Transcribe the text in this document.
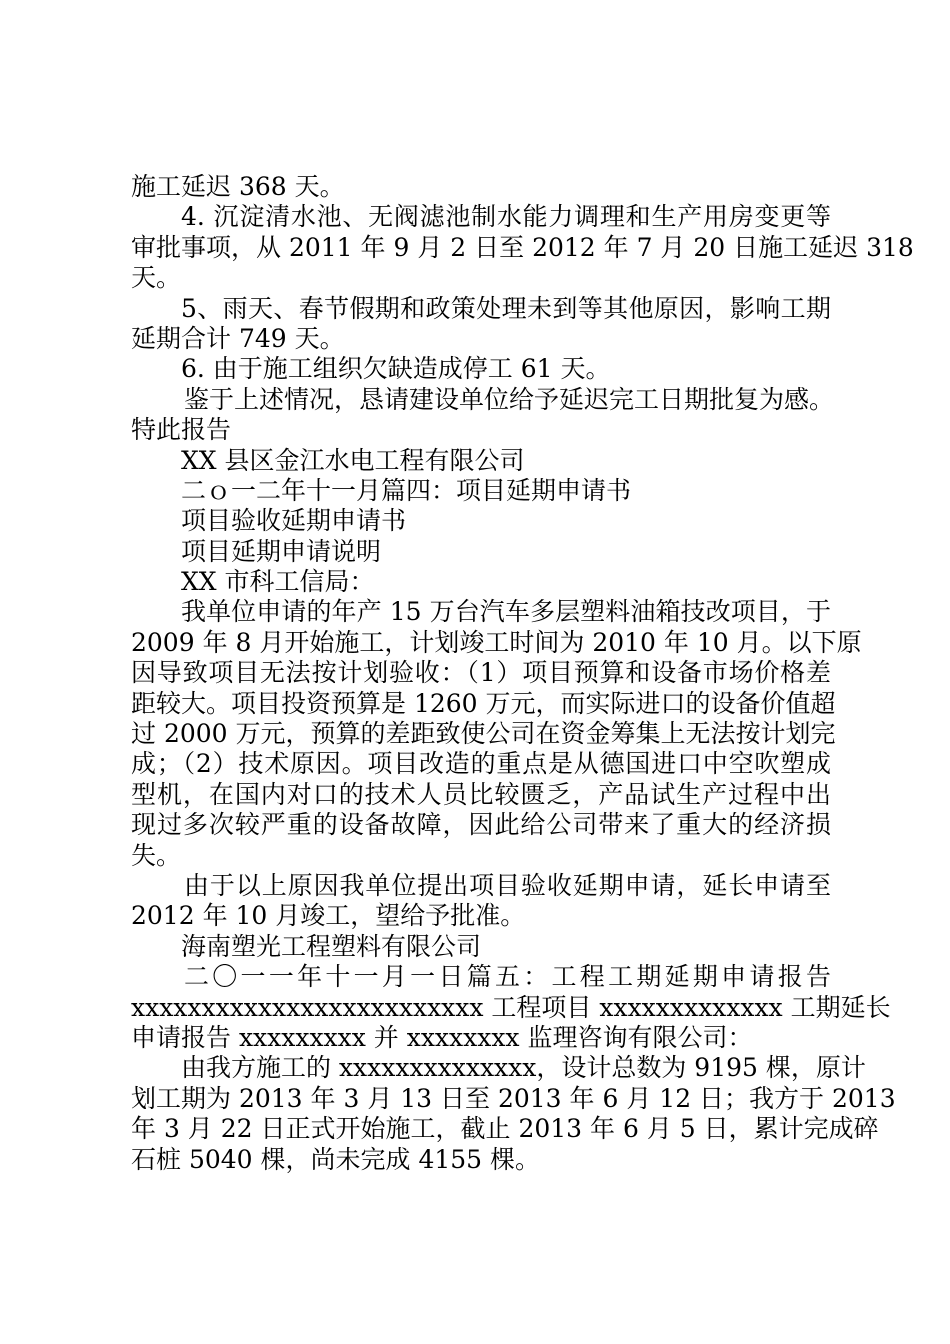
施工延迟 368 天。
4. 沉淀清水池、无阀滤池制水能力调理和生产用房变更等
审批事项，从 2011 年 9 月 2 日至 2012 年 7 月 20 日施工延迟 318
天。
5、雨天、春节假期和政策处理未到等其他原因，影响工期
延期合计 749 天。
6. 由于施工组织欠缺造成停工 61 天。
鉴于上述情况，恳请建设单位给予延迟完工日期批复为感。
特此报告
XX 县区金江水电工程有限公司
二ｏ一二年十一月篇四：项目延期申请书
项目验收延期申请书
项目延期申请说明
XX 市科工信局：
我单位申请的年产 15 万台汽车多层塑料油箱技改项目，于
2009 年 8 月开始施工，计划竣工时间为 2010 年 10 月。以下原
因导致项目无法按计划验收：（1）项目预算和设备市场价格差
距较大。项目投资预算是 1260 万元，而实际进口的设备价值超
过 2000 万元，预算的差距致使公司在资金筹集上无法按计划完
成；（2）技术原因。项目改造的重点是从德国进口中空吹塑成
型机，在国内对口的技术人员比较匮乏，产品试生产过程中出
现过多次较严重的设备故障，因此给公司带来了重大的经济损
失。
由于以上原因我单位提出项目验收延期申请，延长申请至
2012 年 10 月竣工，望给予批准。
海南塑光工程塑料有限公司
二〇一一年十一月一日篇五：工程工期延期申请报告
xxxxxxxxxxxxxxxxxxxxxxxxx 工程项目 xxxxxxxxxxxxx 工期延长
申请报告 xxxxxxxxx 并 xxxxxxxx 监理咨询有限公司：
由我方施工的 xxxxxxxxxxxxxx，设计总数为 9195 棵，原计
划工期为 2013 年 3 月 13 日至 2013 年 6 月 12 日；我方于 2013
年 3 月 22 日正式开始施工，截止 2013 年 6 月 5 日，累计完成碎
石桩 5040 棵，尚未完成 4155 棵。
